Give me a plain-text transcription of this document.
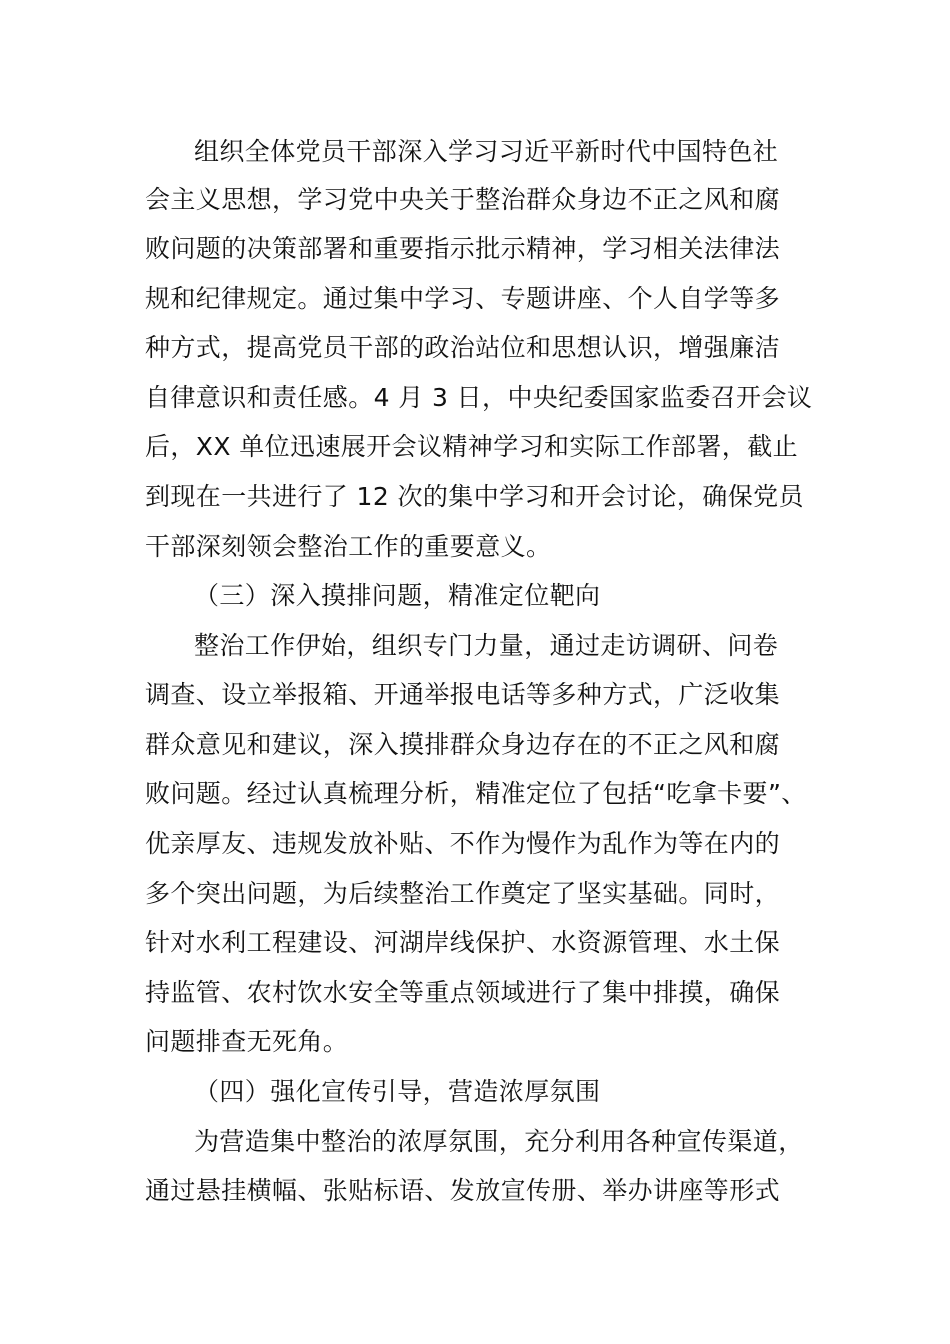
组织全体党员干部深入学习习近平新时代中国特色社
会主义思想，学习党中央关于整治群众身边不正之风和腐
败问题的决策部署和重要指示批示精神，学习相关法律法
规和纪律规定。通过集中学习、专题讲座、个人自学等多
种方式，提高党员干部的政治站位和思想认识，增强廉洁
自律意识和责任感。4 月 3 日，中央纪委国家监委召开会议
后，XX 单位迅速展开会议精神学习和实际工作部署，截止
到现在一共进行了 12 次的集中学习和开会讨论，确保党员
干部深刻领会整治工作的重要意义。
（三）深入摸排问题，精准定位靶向
整治工作伊始，组织专门力量，通过走访调研、问卷
调查、设立举报箱、开通举报电话等多种方式，广泛收集
群众意见和建议，深入摸排群众身边存在的不正之风和腐
败问题。经过认真梳理分析，精准定位了包括“吃拿卡要”、
优亲厚友、违规发放补贴、不作为慢作为乱作为等在内的
多个突出问题，为后续整治工作奠定了坚实基础。同时，
针对水利工程建设、河湖岸线保护、水资源管理、水土保
持监管、农村饮水安全等重点领域进行了集中排摸，确保
问题排查无死角。
（四）强化宣传引导，营造浓厚氛围
为营造集中整治的浓厚氛围，充分利用各种宣传渠道，
通过悬挂横幅、张贴标语、发放宣传册、举办讲座等形式
